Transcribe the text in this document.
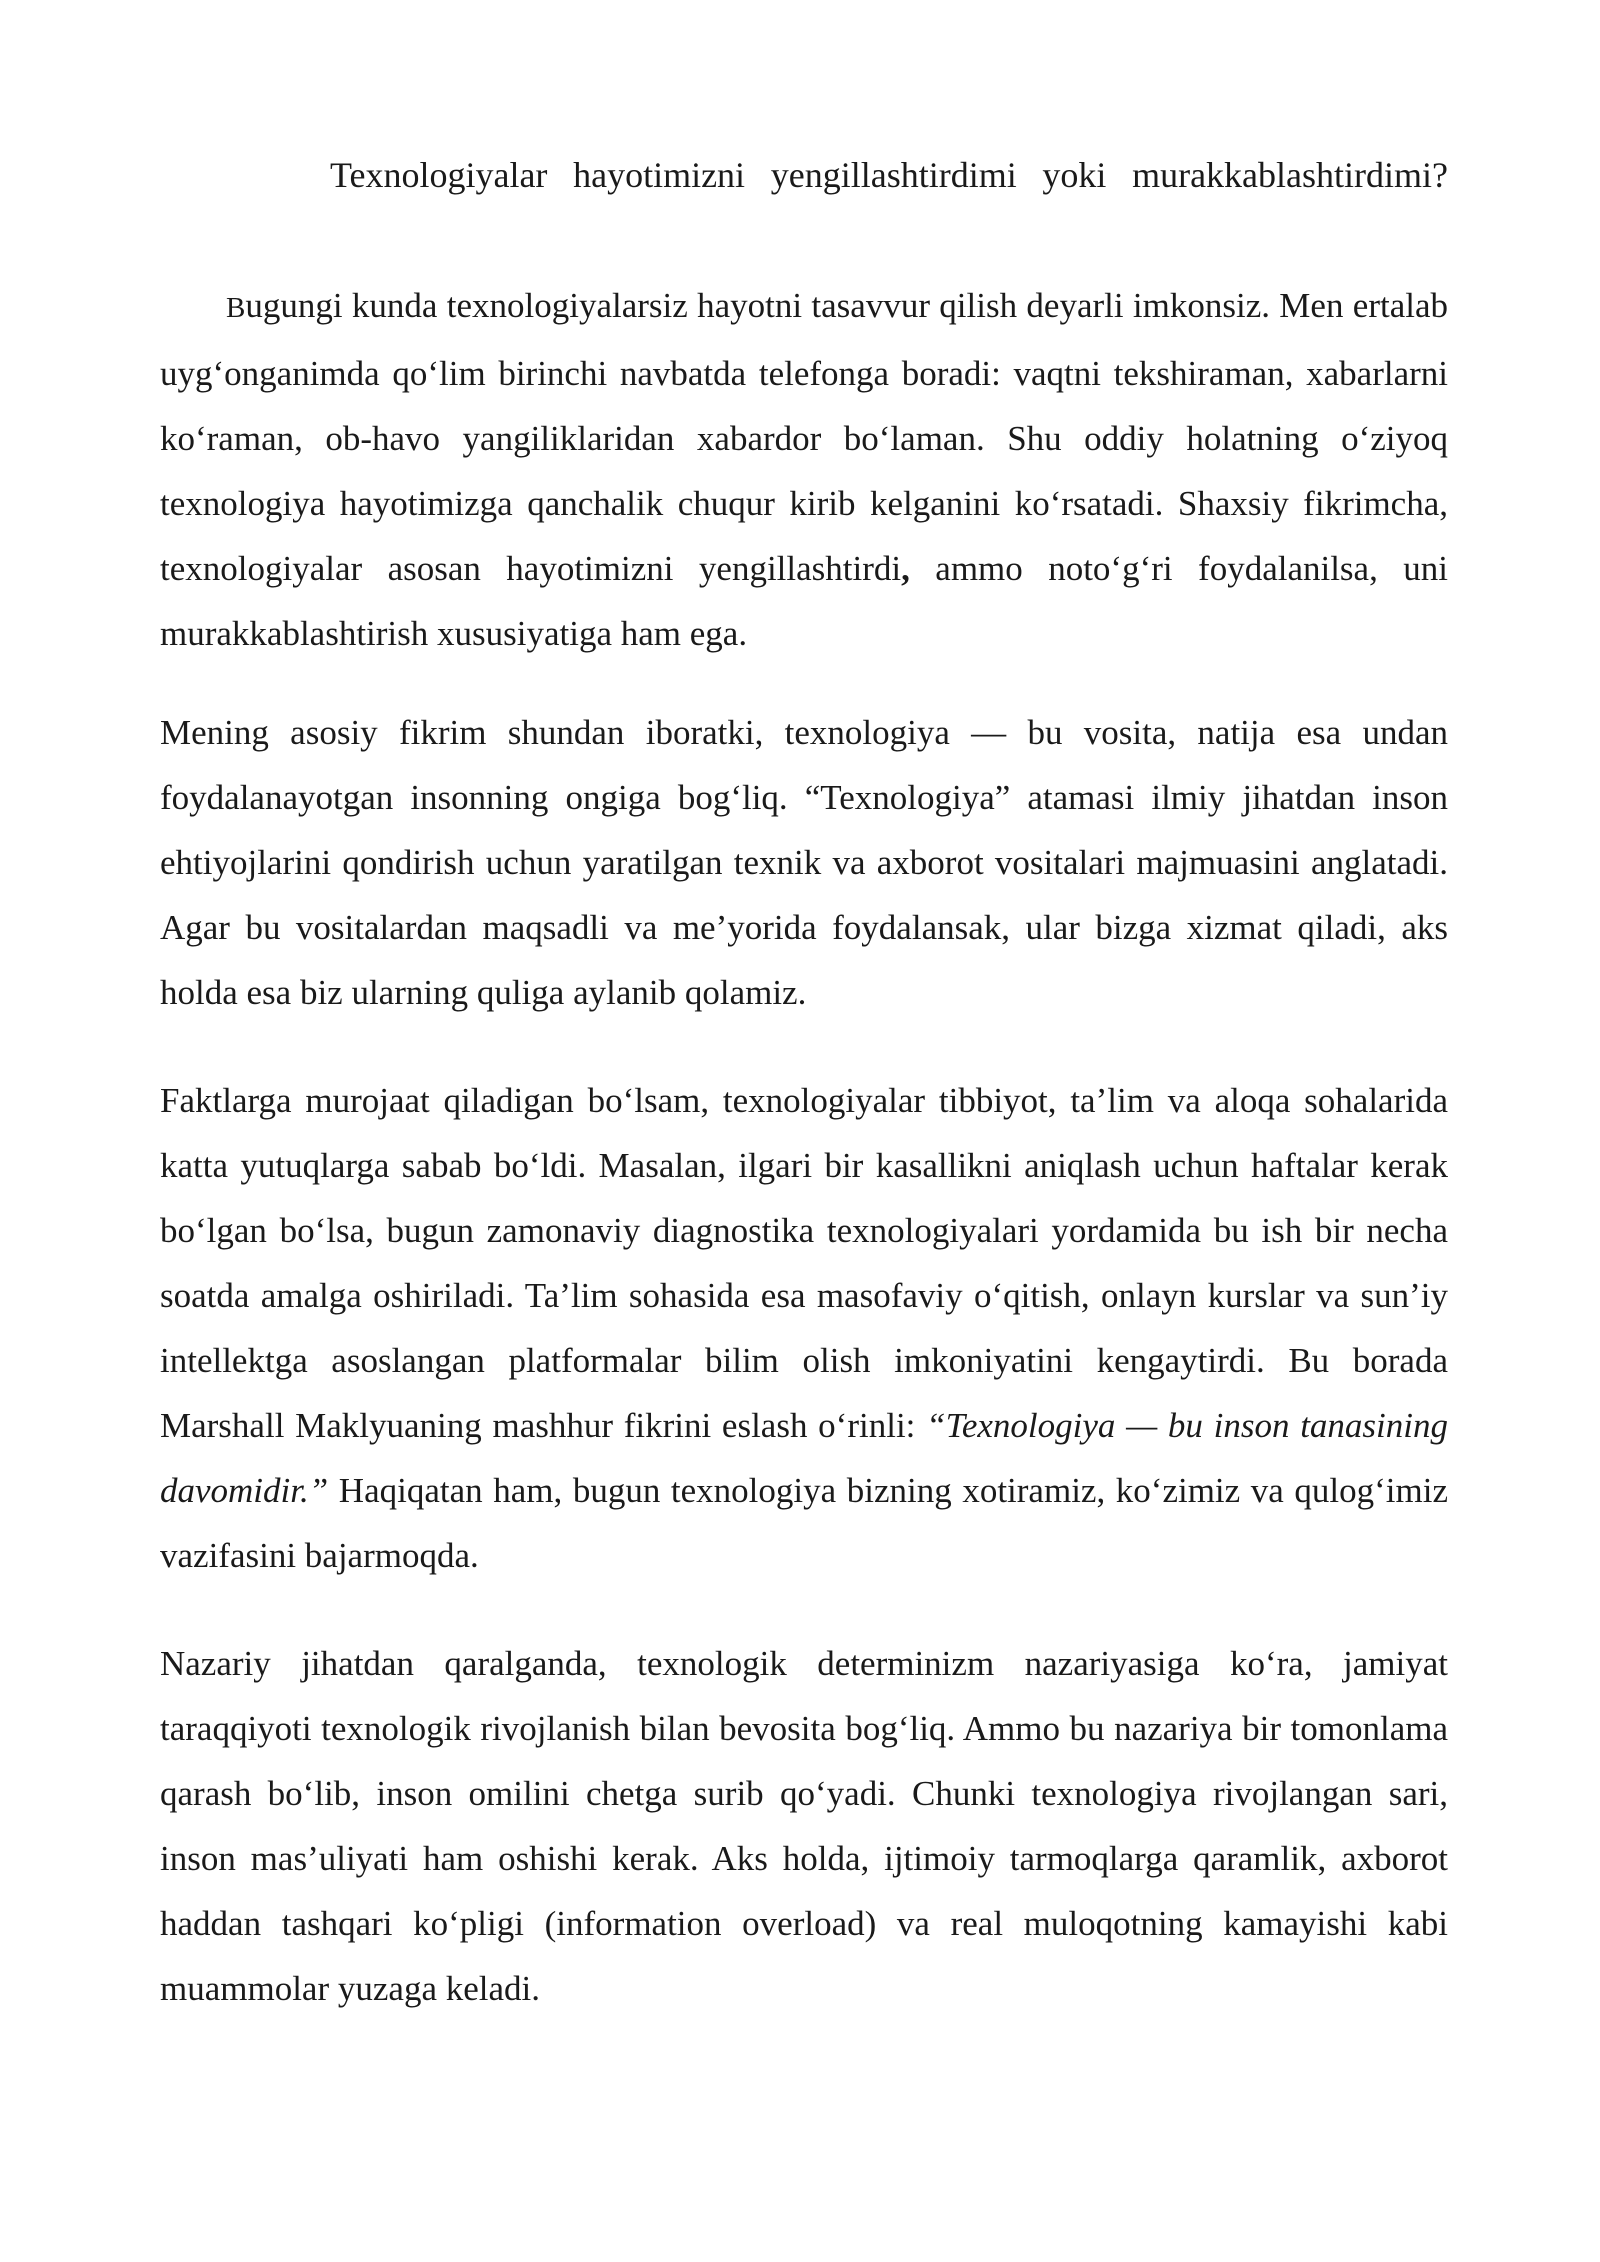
Texnologiyalar hayotimizni yengillashtirdimi yoki murakkablashtirdimi?

Bugungi kunda texnologiyalarsiz hayotni tasavvur qilish deyarli imkonsiz. Men ertalab uyg‘onganimda qo‘lim birinchi navbatda telefonga boradi: vaqtni tekshiraman, xabarlarni ko‘raman, ob-havo yangiliklaridan xabardor bo‘laman. Shu oddiy holatning o‘ziyoq texnologiya hayotimizga qanchalik chuqur kirib kelganini ko‘rsatadi. Shaxsiy fikrimcha, texnologiyalar asosan hayotimizni yengillashtirdi, ammo noto‘g‘ri foydalanilsa, uni murakkablashtirish xususiyatiga ham ega.

Mening asosiy fikrim shundan iboratki, texnologiya — bu vosita, natija esa undan foydalanayotgan insonning ongiga bog‘liq. “Texnologiya” atamasi ilmiy jihatdan inson ehtiyojlarini qondirish uchun yaratilgan texnik va axborot vositalari majmuasini anglatadi. Agar bu vositalardan maqsadli va me’yorida foydalansak, ular bizga xizmat qiladi, aks holda esa biz ularning quliga aylanib qolamiz.

Faktlarga murojaat qiladigan bo‘lsam, texnologiyalar tibbiyot, ta’lim va aloqa sohalarida katta yutuqlarga sabab bo‘ldi. Masalan, ilgari bir kasallikni aniqlash uchun haftalar kerak bo‘lgan bo‘lsa, bugun zamonaviy diagnostika texnologiyalari yordamida bu ish bir necha soatda amalga oshiriladi. Ta’lim sohasida esa masofaviy o‘qitish, onlayn kurslar va sun’iy intellektga asoslangan platformalar bilim olish imkoniyatini kengaytirdi. Bu borada Marshall Maklyuaning mashhur fikrini eslash o‘rinli: “Texnologiya — bu inson tanasining davomidir.” Haqiqatan ham, bugun texnologiya bizning xotiramiz, ko‘zimiz va qulog‘imiz vazifasini bajarmoqda.

Nazariy jihatdan qaralganda, texnologik determinizm nazariyasiga ko‘ra, jamiyat taraqqiyoti texnologik rivojlanish bilan bevosita bog‘liq. Ammo bu nazariya bir tomonlama qarash bo‘lib, inson omilini chetga surib qo‘yadi. Chunki texnologiya rivojlangan sari, inson mas’uliyati ham oshishi kerak. Aks holda, ijtimoiy tarmoqlarga qaramlik, axborot haddan tashqari ko‘pligi (information overload) va real muloqotning kamayishi kabi muammolar yuzaga keladi.
